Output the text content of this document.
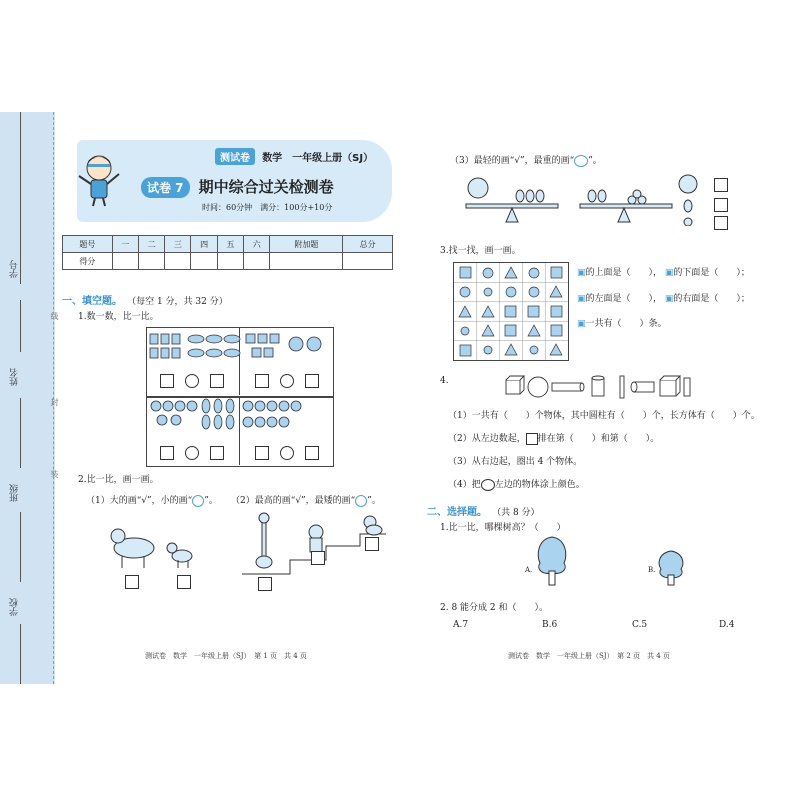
学号
姓名
班级
学校
线
封
装
测试卷 数学　一年级上册（SJ）
试卷 7 期中综合过关检测卷
时间：60分钟　满分：100分+10分
题号	一	二	三	四	五	六	附加题	总分
得分								
一、填空题。 （每空 1 分，共 32 分）
1.数一数，比一比。
2.比一比，画一画。
（1）大的画“√”，小的画“ ”。 （2）最高的画“√”，最矮的画“ ”。
测试卷　数学　一年级上册（SJ）　第 1 页　共 4 页
（3）最轻的画“√”，最重的画“ ”。
3.找一找，画一画。
▣的上面是（　　）， ▣的下面是（　　）；
▣的左面是（　　）， ▣的右面是（　　）；
▣一共有（　　）条。
4.
（1）一共有（　　）个物体，其中圆柱有（　　）个，长方体有（　　）个。
（2）从左边数起， 排在第（　　）和第（　　）。
（3）从右边起，圈出 4 个物体。
（4）把 左边的物体涂上颜色。
二、选择题。 （共 8 分）
1.比一比，哪棵树高？（　　）
A.	B.
2. 8 能分成 2 和（　　）。
A.7	B.6	C.5	D.4
测试卷　数学　一年级上册（SJ）　第 2 页　共 4 页
